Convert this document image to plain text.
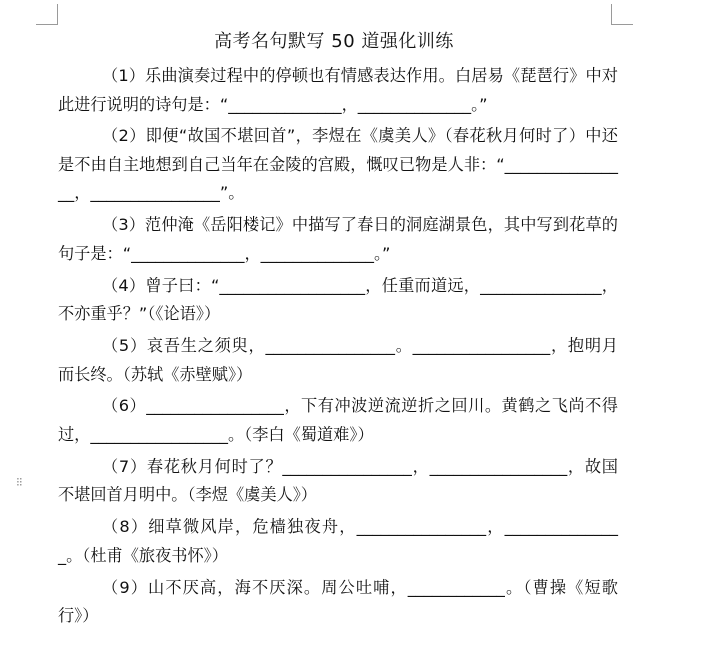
⁝⁝
高考名句默写 50 道强化训练

（1）乐曲演奏过程中的停顿也有情感表达作用。白居易《琵琶行》中对此进行说明的诗句是：“______________，______________。”

（2）即便“故国不堪回首”，李煜在《虞美人》（春花秋月何时了）中还是不由自主地想到自己当年在金陵的宫殿，慨叹已物是人非：“________________，________________”。

（3）范仲淹《岳阳楼记》中描写了春日的洞庭湖景色，其中写到花草的句子是：“______________，______________。”

（4）曾子曰：“__________________，任重而道远，_______________，不亦重乎？”（《论语》）

（5）哀吾生之须臾，________________。_________________，抱明月而长终。（苏轼《赤壁赋》）

（6）_________________，下有冲波逆流逆折之回川。黄鹤之飞尚不得过，_________________。（李白《蜀道难》）

（7）春花秋月何时了？________________，_________________，故国不堪回首月明中。（李煜《虞美人》）

（8）细草微风岸，危樯独夜舟，________________，_______________。（杜甫《旅夜书怀》）

（9）山不厌高，海不厌深。周公吐哺，____________。（曹操《短歌行》）
